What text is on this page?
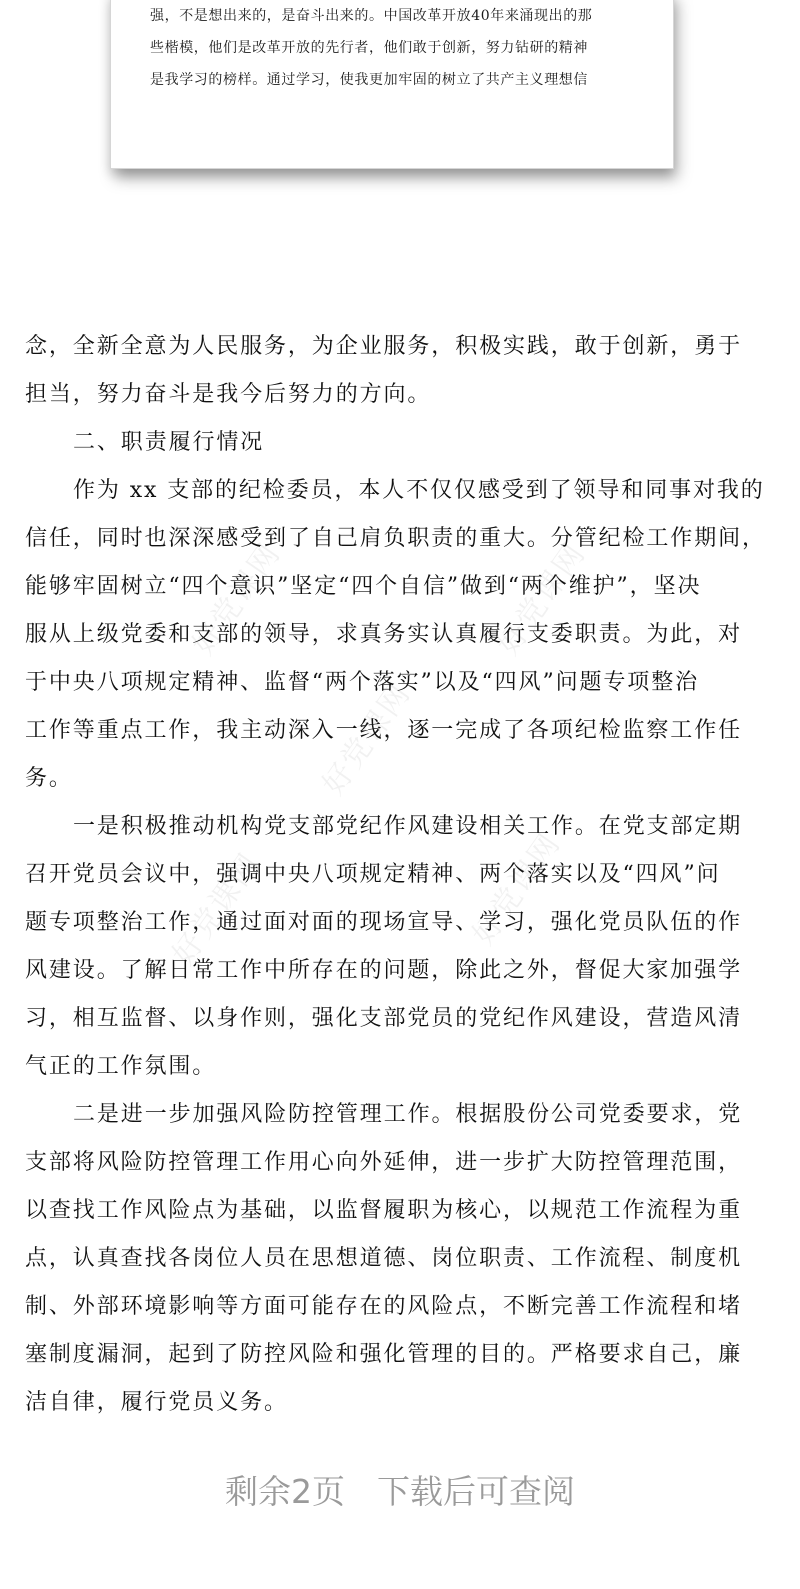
强，不是想出来的，是奋斗出来的。中国改革开放40年来涌现出的那
些楷模，他们是改革开放的先行者，他们敢于创新，努力钻研的精神
是我学习的榜样。通过学习，使我更加牢固的树立了共产主义理想信
好党课网	好党课网
好党课网
好党课网	好党课网
念，全新全意为人民服务，为企业服务，积极实践，敢于创新，勇于
担当，努力奋斗是我今后努力的方向。
二、职责履行情况
作为 xx 支部的纪检委员，本人不仅仅感受到了领导和同事对我的
信任，同时也深深感受到了自己肩负职责的重大。分管纪检工作期间，
能够牢固树立“四个意识”坚定“四个自信”做到“两个维护”，坚决
服从上级党委和支部的领导，求真务实认真履行支委职责。为此，对
于中央八项规定精神、监督“两个落实”以及“四风”问题专项整治
工作等重点工作，我主动深入一线，逐一完成了各项纪检监察工作任
务。
一是积极推动机构党支部党纪作风建设相关工作。在党支部定期
召开党员会议中，强调中央八项规定精神、两个落实以及“四风”问
题专项整治工作，通过面对面的现场宣导、学习，强化党员队伍的作
风建设。了解日常工作中所存在的问题，除此之外，督促大家加强学
习，相互监督、以身作则，强化支部党员的党纪作风建设，营造风清
气正的工作氛围。
二是进一步加强风险防控管理工作。根据股份公司党委要求，党
支部将风险防控管理工作用心向外延伸，进一步扩大防控管理范围，
以查找工作风险点为基础，以监督履职为核心，以规范工作流程为重
点，认真查找各岗位人员在思想道德、岗位职责、工作流程、制度机
制、外部环境影响等方面可能存在的风险点，不断完善工作流程和堵
塞制度漏洞，起到了防控风险和强化管理的目的。严格要求自己，廉
洁自律，履行党员义务。
剩余2页 下载后可查阅
